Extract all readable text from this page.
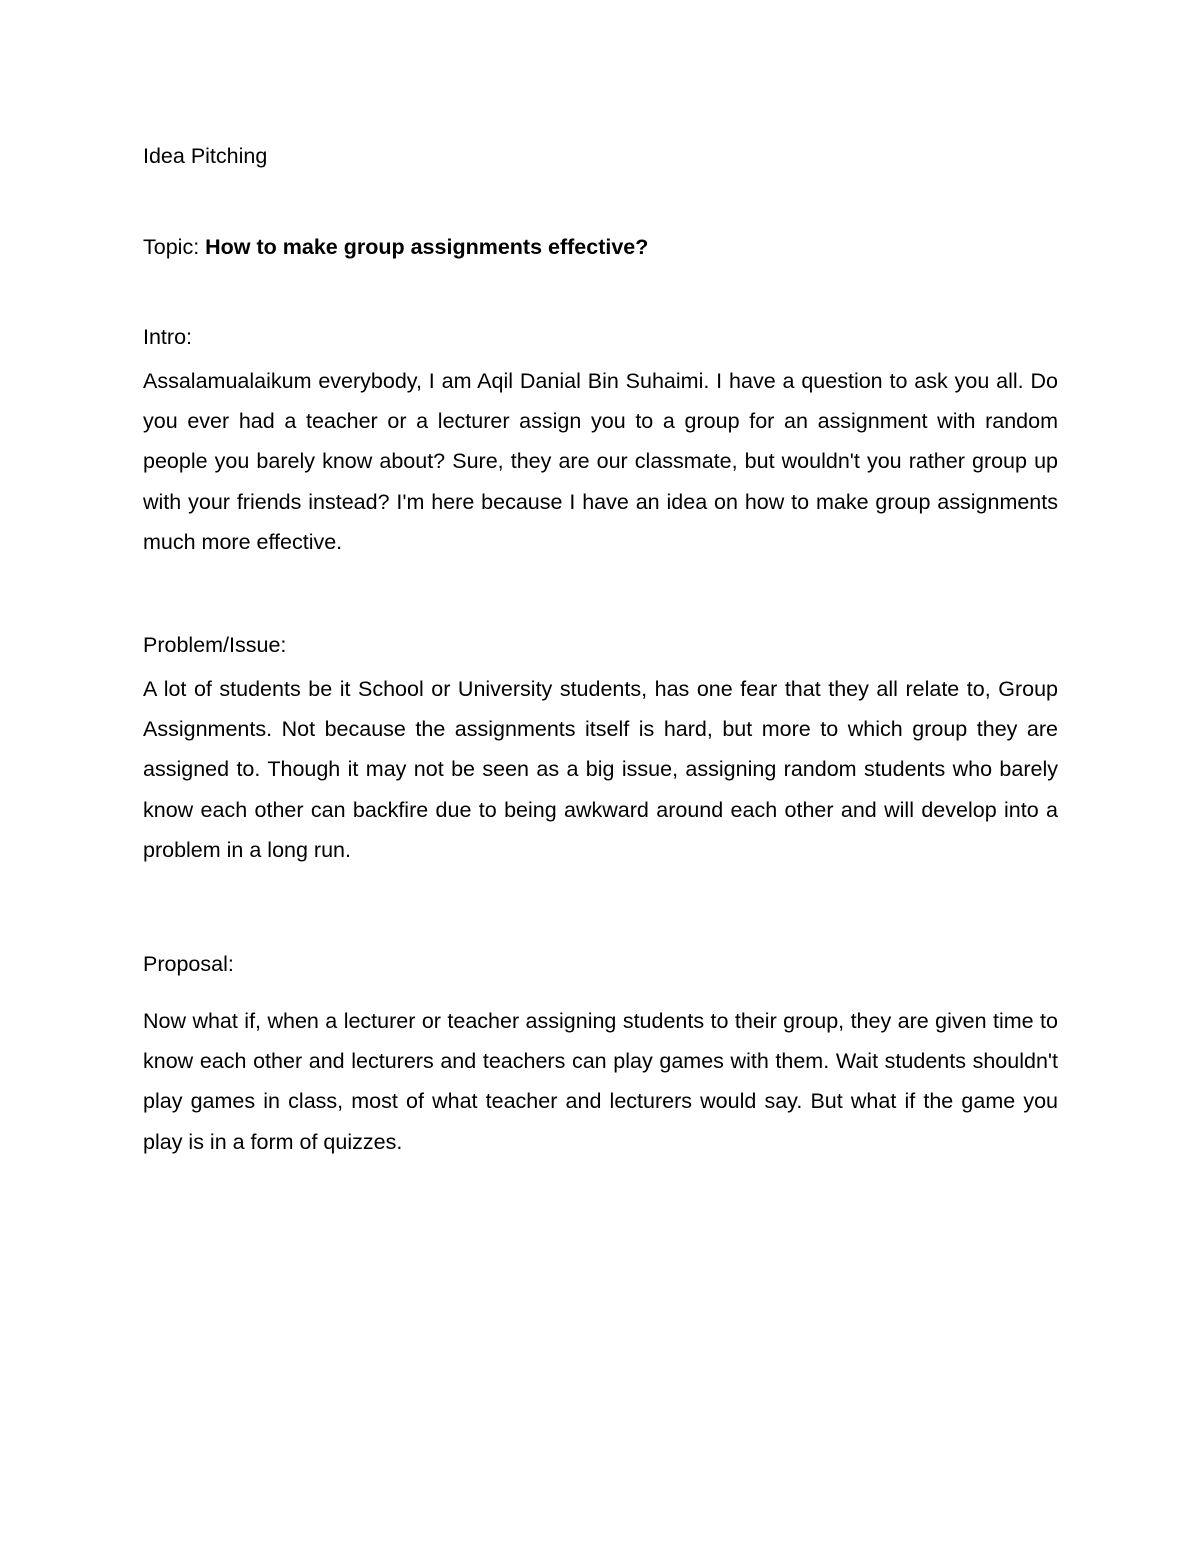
Idea Pitching

Topic: How to make group assignments effective?

Intro:

Assalamualaikum everybody, I am Aqil Danial Bin Suhaimi. I have a question to ask you all. Do you ever had a teacher or a lecturer assign you to a group for an assignment with random people you barely know about? Sure, they are our classmate, but wouldn't you rather group up with your friends instead? I'm here because I have an idea on how to make group assignments much more effective.

Problem/Issue:

A lot of students be it School or University students, has one fear that they all relate to, Group Assignments. Not because the assignments itself is hard, but more to which group they are assigned to. Though it may not be seen as a big issue, assigning random students who barely know each other can backfire due to being awkward around each other and will develop into a problem in a long run.

Proposal:

Now what if, when a lecturer or teacher assigning students to their group, they are given time to know each other and lecturers and teachers can play games with them. Wait students shouldn't play games in class, most of what teacher and lecturers would say. But what if the game you play is in a form of quizzes.
